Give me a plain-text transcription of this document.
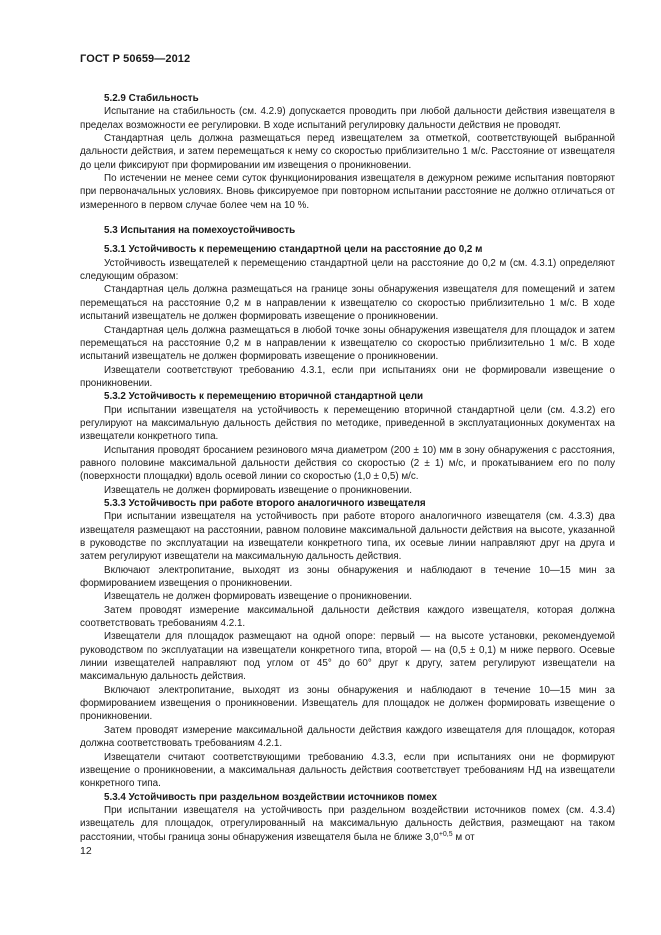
ГОСТ Р 50659—2012

5.2.9 Стабильность

Испытание на стабильность (см. 4.2.9) допускается проводить при любой дальности действия извещателя в пределах возможности ее регулировки. В ходе испытаний регулировку дальности действия не проводят.

Стандартная цель должна размещаться перед извещателем за отметкой, соответствующей выбранной дальности действия, и затем перемещаться к нему со скоростью приблизительно 1 м/с. Расстояние от извещателя до цели фиксируют при формировании им извещения о проникновении.

По истечении не менее семи суток функционирования извещателя в дежурном режиме испытания повторяют при первоначальных условиях. Вновь фиксируемое при повторном испытании расстояние не должно отличаться от измеренного в первом случае более чем на 10 %.

5.3 Испытания на помехоустойчивость

5.3.1 Устойчивость к перемещению стандартной цели на расстояние до 0,2 м

Устойчивость извещателей к перемещению стандартной цели на расстояние до 0,2 м (см. 4.3.1) определяют следующим образом:

Стандартная цель должна размещаться на границе зоны обнаружения извещателя для помещений и затем перемещаться на расстояние 0,2 м в направлении к извещателю со скоростью приблизительно 1 м/с. В ходе испытаний извещатель не должен формировать извещение о проникновении.

Стандартная цель должна размещаться в любой точке зоны обнаружения извещателя для площадок и затем перемещаться на расстояние 0,2 м в направлении к извещателю со скоростью приблизительно 1 м/с. В ходе испытаний извещатель не должен формировать извещение о проникновении.

Извещатели соответствуют требованию 4.3.1, если при испытаниях они не формировали извещение о проникновении.

5.3.2 Устойчивость к перемещению вторичной стандартной цели

При испытании извещателя на устойчивость к перемещению вторичной стандартной цели (см. 4.3.2) его регулируют на максимальную дальность действия по методике, приведенной в эксплуатационных документах на извещатели конкретного типа.

Испытания проводят бросанием резинового мяча диаметром (200 ± 10) мм в зону обнаружения с расстояния, равного половине максимальной дальности действия со скоростью (2 ± 1) м/с, и прокатыванием его по полу (поверхности площадки) вдоль осевой линии со скоростью (1,0 ± 0,5) м/с.

Извещатель не должен формировать извещение о проникновении.

5.3.3 Устойчивость при работе второго аналогичного извещателя

При испытании извещателя на устойчивость при работе второго аналогичного извещателя (см. 4.3.3) два извещателя размещают на расстоянии, равном половине максимальной дальности действия на высоте, указанной в руководстве по эксплуатации на извещатели конкретного типа, их осевые линии направляют друг на друга и затем регулируют извещатели на максимальную дальность действия.

Включают электропитание, выходят из зоны обнаружения и наблюдают в течение 10—15 мин за формированием извещения о проникновении.

Извещатель не должен формировать извещение о проникновении.

Затем проводят измерение максимальной дальности действия каждого извещателя, которая должна соответствовать требованиям 4.2.1.

Извещатели для площадок размещают на одной опоре: первый — на высоте установки, рекомендуемой руководством по эксплуатации на извещатели конкретного типа, второй — на (0,5 ± 0,1) м ниже первого. Осевые линии извещателей направляют под углом от 45° до 60° друг к другу, затем регулируют извещатели на максимальную дальность действия.

Включают электропитание, выходят из зоны обнаружения и наблюдают в течение 10—15 мин за формированием извещения о проникновении. Извещатель для площадок не должен формировать извещение о проникновении.

Затем проводят измерение максимальной дальности действия каждого извещателя для площадок, которая должна соответствовать требованиям 4.2.1.

Извещатели считают соответствующими требованию 4.3.3, если при испытаниях они не формируют извещение о проникновении, а максимальная дальность действия соответствует требованиям НД на извещатели конкретного типа.

5.3.4 Устойчивость при раздельном воздействии источников помех

При испытании извещателя на устойчивость при раздельном воздействии источников помех (см. 4.3.4) извещатель для площадок, отрегулированный на максимальную дальность действия, размещают на таком расстоянии, чтобы граница зоны обнаружения извещателя была не ближе $3,0^{+0,5}$ м от

12
